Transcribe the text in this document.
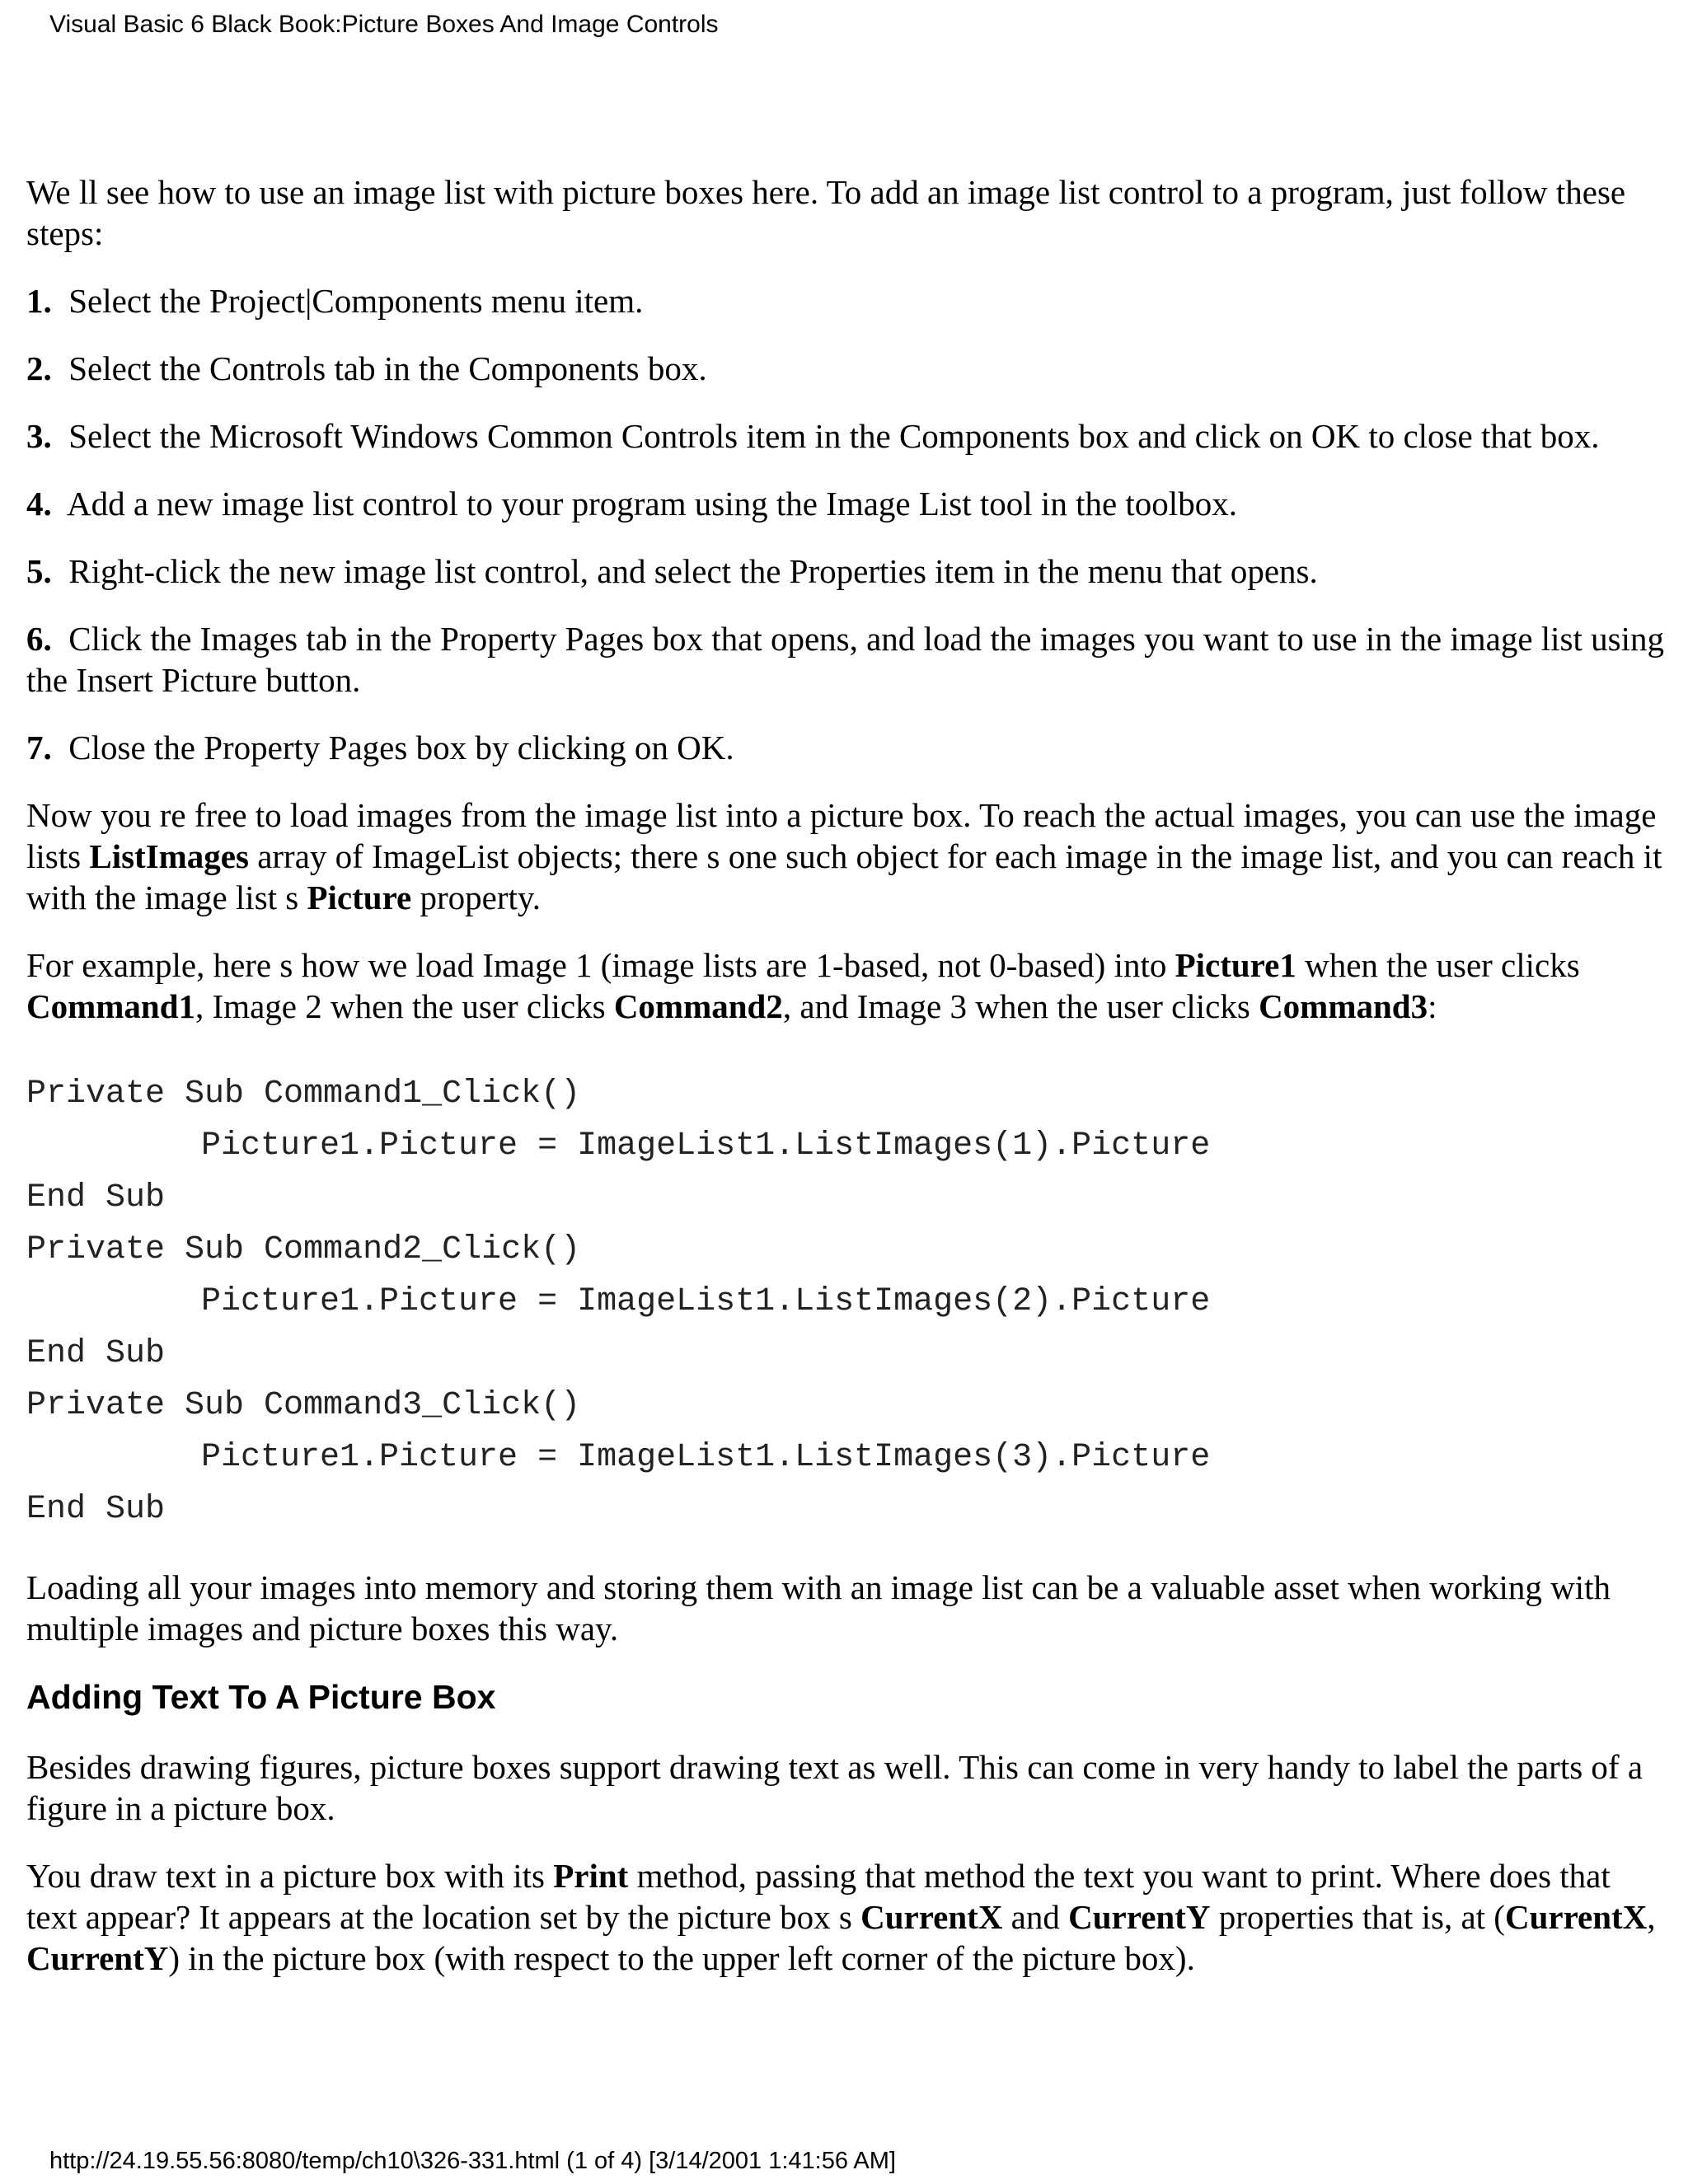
Visual Basic 6 Black Book:Picture Boxes And Image Controls

We ll see how to use an image list with picture boxes here. To add an image list control to a program, just follow these steps:

1. Select the Project|Components menu item.

2. Select the Controls tab in the Components box.

3. Select the Microsoft Windows Common Controls item in the Components box and click on OK to close that box.

4. Add a new image list control to your program using the Image List tool in the toolbox.

5. Right-click the new image list control, and select the Properties item in the menu that opens.

6. Click the Images tab in the Property Pages box that opens, and load the images you want to use in the image list using the Insert Picture button.

7. Close the Property Pages box by clicking on OK.

Now you re free to load images from the image list into a picture box. To reach the actual images, you can use the image lists ListImages array of ImageList objects; there s one such object for each image in the image list, and you can reach it with the image list s Picture property.

For example, here s how we load Image 1 (image lists are 1-based, not 0-based) into Picture1 when the user clicks Command1, Image 2 when the user clicks Command2, and Image 3 when the user clicks Command3:

Private Sub Command1_Click()
Picture1.Picture = ImageList1.ListImages(1).Picture
End Sub
Private Sub Command2_Click()
Picture1.Picture = ImageList1.ListImages(2).Picture
End Sub
Private Sub Command3_Click()
Picture1.Picture = ImageList1.ListImages(3).Picture
End Sub

Loading all your images into memory and storing them with an image list can be a valuable asset when working with multiple images and picture boxes this way.

Adding Text To A Picture Box

Besides drawing figures, picture boxes support drawing text as well. This can come in very handy to label the parts of a figure in a picture box.

You draw text in a picture box with its Print method, passing that method the text you want to print. Where does that text appear? It appears at the location set by the picture box s CurrentX and CurrentY properties that is, at (CurrentX, CurrentY) in the picture box (with respect to the upper left corner of the picture box).

http://24.19.55.56:8080/temp/ch10\326-331.html (1 of 4) [3/14/2001 1:41:56 AM]
